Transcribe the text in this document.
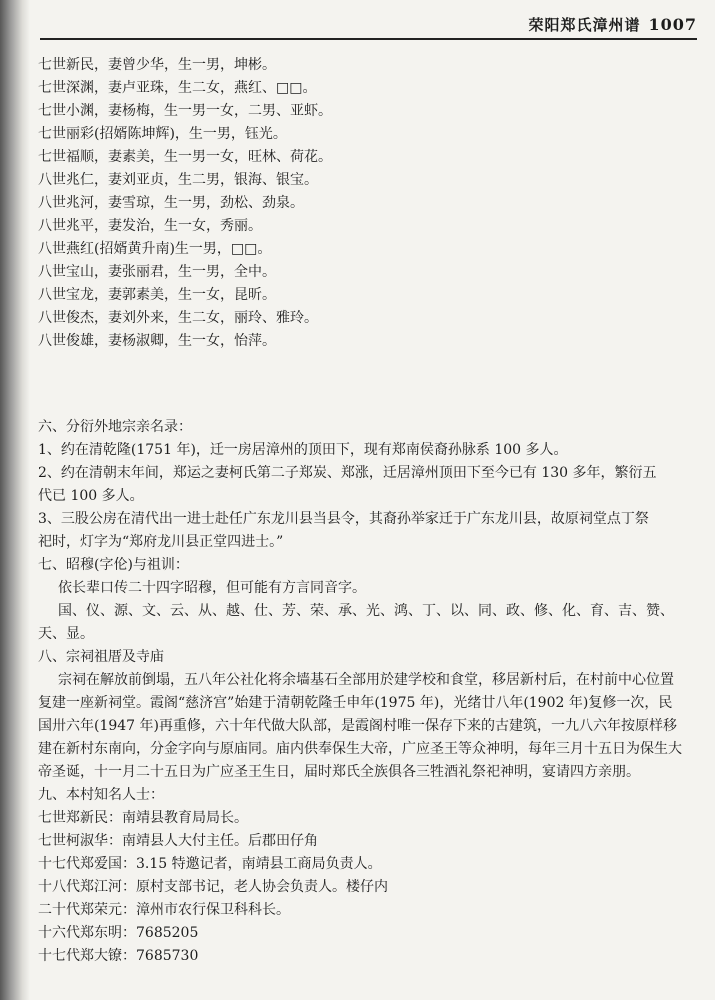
荣阳郑氏漳州谱 1007
七世新民，妻曾少华，生一男，坤彬。
七世深渊，妻卢亚珠，生二女，燕红、□□。
七世小渊，妻杨梅，生一男一女，二男、亚虾。
七世丽彩(招婿陈坤辉)，生一男，钰光。
七世福顺，妻素美，生一男一女，旺林、荷花。
八世兆仁，妻刘亚贞，生二男，银海、银宝。
八世兆河，妻雪琼，生一男，劲松、劲泉。
八世兆平，妻发治，生一女，秀丽。
八世燕红(招婿黄升南)生一男，□□。
八世宝山，妻张丽君，生一男，全中。
八世宝龙，妻郭素美，生一女，昆昕。
八世俊杰，妻刘外来，生二女，丽玲、雅玲。
八世俊雄，妻杨淑卿，生一女，怡萍。
六、分衍外地宗亲名录：
1、约在清乾隆(1751 年)，迁一房居漳州的顶田下，现有郑南侯裔孙脉系 100 多人。
2、约在清朝末年间，郑运之妻柯氏第二子郑炭、郑涨，迁居漳州顶田下至今已有 130 多年，繁衍五
代已 100 多人。
3、三股公房在清代出一进士赴任广东龙川县当县令，其裔孙举家迁于广东龙川县，故原祠堂点丁祭
祀时，灯字为“郑府龙川县正堂四进士。”
七、昭穆(字伦)与祖训：
依长辈口传二十四字昭穆，但可能有方言同音字。
国、仪、源、文、云、从、越、仕、芳、荣、承、光、鸿、丁、以、同、政、修、化、育、吉、赞、
天、显。
八、宗祠祖厝及寺庙
宗祠在解放前倒塌，五八年公社化将余墙基石全部用於建学校和食堂，移居新村后，在村前中心位置
复建一座新祠堂。霞阁“慈济宫”始建于清朝乾隆壬申年(1975 年)，光绪廿八年(1902 年)复修一次，民
国卅六年(1947 年)再重修，六十年代做大队部，是霞阁村唯一保存下来的古建筑，一九八六年按原样移
建在新村东南向，分金字向与原庙同。庙内供奉保生大帝，广应圣王等众神明，每年三月十五日为保生大
帝圣诞，十一月二十五日为广应圣王生日，届时郑氏全族俱各三牲酒礼祭祀神明，宴请四方亲朋。
九、本村知名人士：
七世郑新民：南靖县教育局局长。
七世柯淑华：南靖县人大付主任。后郡田仔角
十七代郑爱国：3.15 特邀记者，南靖县工商局负责人。
十八代郑江河：原村支部书记，老人协会负责人。楼仔内
二十代郑荣元：漳州市农行保卫科科长。
十六代郑东明：7685205
十七代郑大镣：7685730
